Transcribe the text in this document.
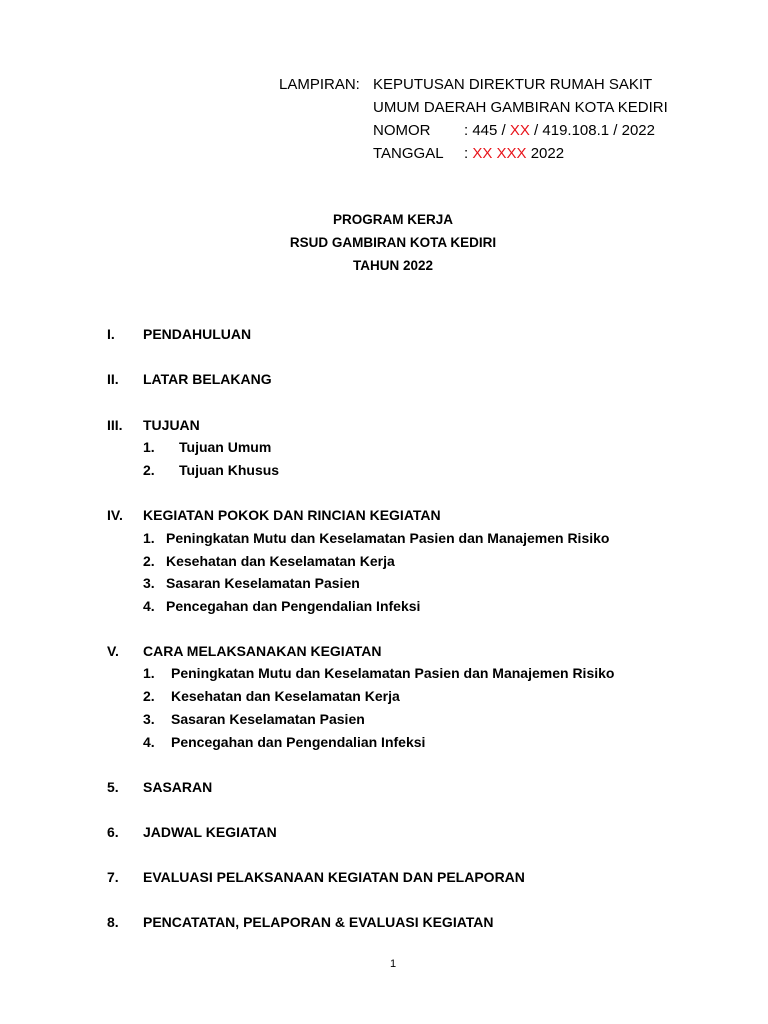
LAMPIRAN: KEPUTUSAN DIREKTUR RUMAH SAKIT
UMUM DAERAH GAMBIRAN KOTA KEDIRI
NOMOR : 445 / XX / 419.108.1 / 2022
TANGGAL : XX XXX 2022
PROGRAM KERJA
RSUD GAMBIRAN KOTA KEDIRI
TAHUN 2022
I. PENDAHULUAN
II. LATAR BELAKANG
III. TUJUAN
1. Tujuan Umum
2. Tujuan Khusus
IV. KEGIATAN POKOK DAN RINCIAN KEGIATAN
1. Peningkatan Mutu dan Keselamatan Pasien dan Manajemen Risiko
2. Kesehatan dan Keselamatan Kerja
3. Sasaran Keselamatan Pasien
4. Pencegahan dan Pengendalian Infeksi
V. CARA MELAKSANAKAN KEGIATAN
1. Peningkatan Mutu dan Keselamatan Pasien dan Manajemen Risiko
2. Kesehatan dan Keselamatan Kerja
3. Sasaran Keselamatan Pasien
4. Pencegahan dan Pengendalian Infeksi
5. SASARAN
6. JADWAL KEGIATAN
7. EVALUASI PELAKSANAAN KEGIATAN DAN PELAPORAN
8. PENCATATAN, PELAPORAN & EVALUASI KEGIATAN
1
